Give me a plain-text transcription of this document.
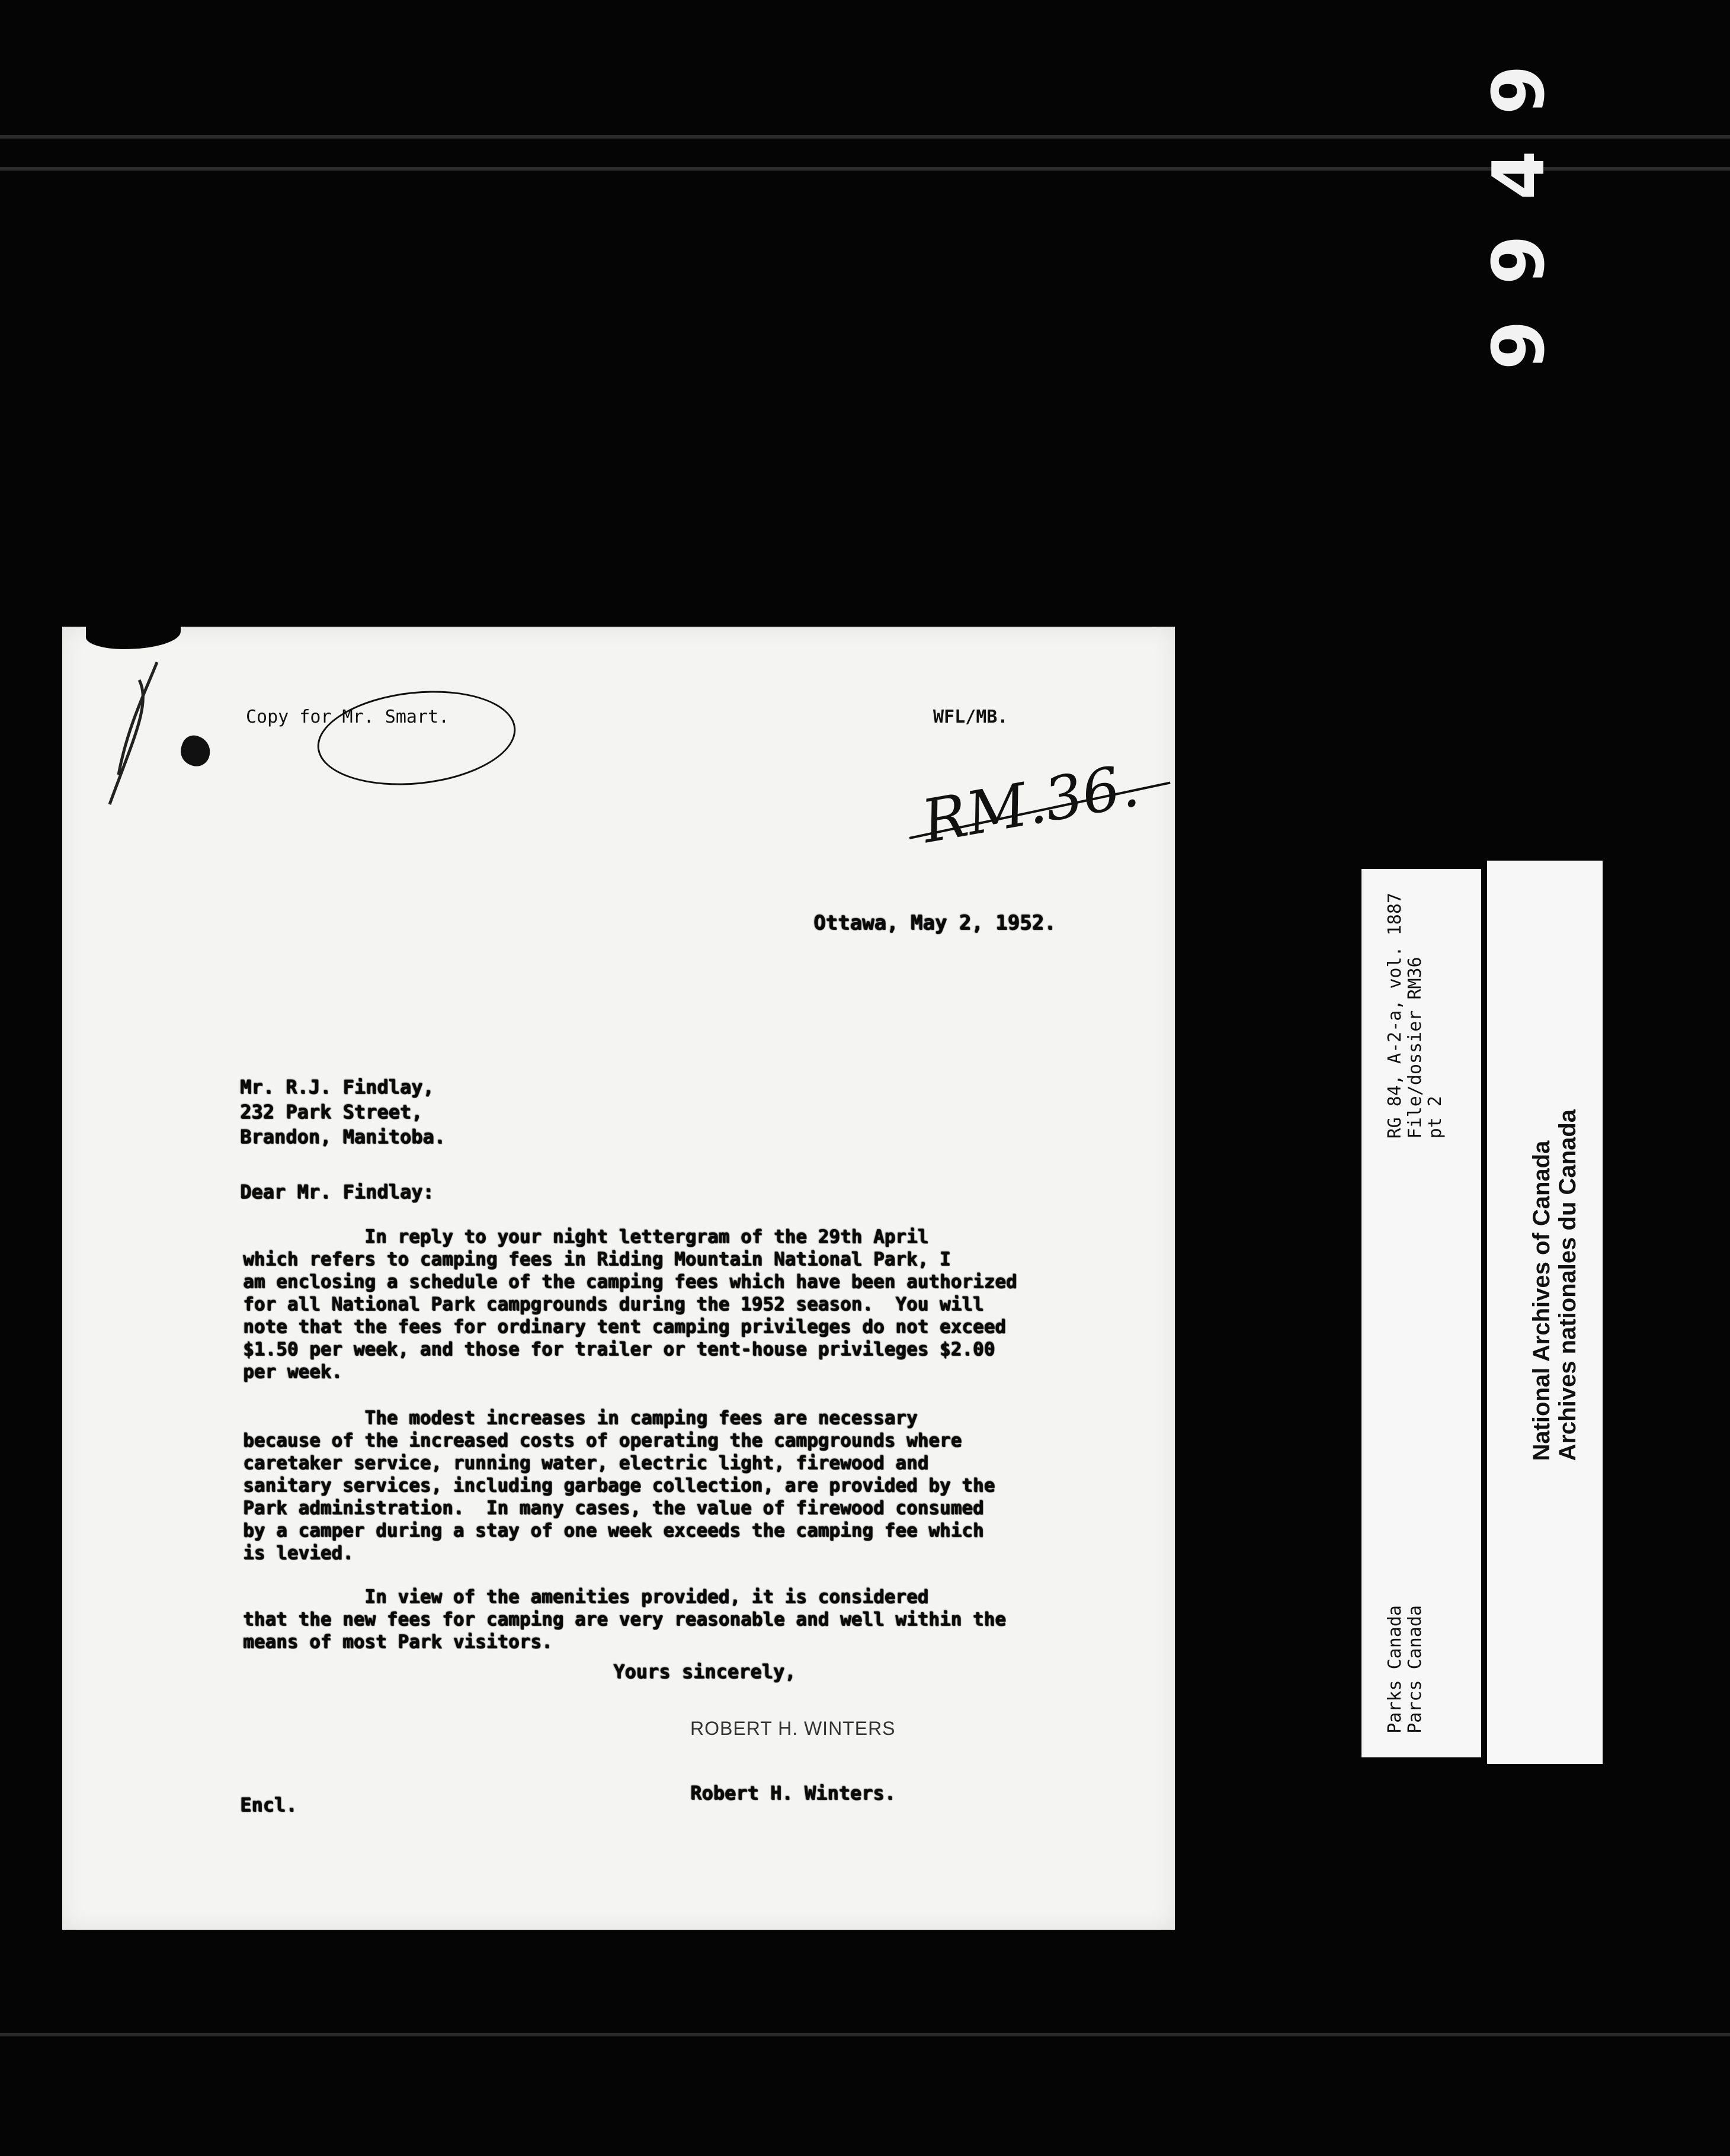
9
4
9
9
Copy for Mr. Smart.	WFL/MB.
RM.36.
Ottawa, May 2, 1952.
Mr. R.J. Findlay,
232 Park Street,
Brandon, Manitoba.
Dear Mr. Findlay:
In reply to your night lettergram of the 29th April
which refers to camping fees in Riding Mountain National Park, I
am enclosing a schedule of the camping fees which have been authorized
for all National Park campgrounds during the 1952 season.  You will
note that the fees for ordinary tent camping privileges do not exceed
$1.50 per week, and those for trailer or tent-house privileges $2.00
per week.
The modest increases in camping fees are necessary
because of the increased costs of operating the campgrounds where
caretaker service, running water, electric light, firewood and
sanitary services, including garbage collection, are provided by the
Park administration.  In many cases, the value of firewood consumed
by a camper during a stay of one week exceeds the camping fee which
is levied.
In view of the amenities provided, it is considered
that the new fees for camping are very reasonable and well within the
means of most Park visitors.
Yours sincerely,
ROBERT H. WINTERS
Robert H. Winters.
Encl.
RG 84, A-2-a, vol. 1887
File/dossier RM36
pt 2
Parks Canada
Parcs Canada
National Archives of Canada
Archives nationales du Canada
